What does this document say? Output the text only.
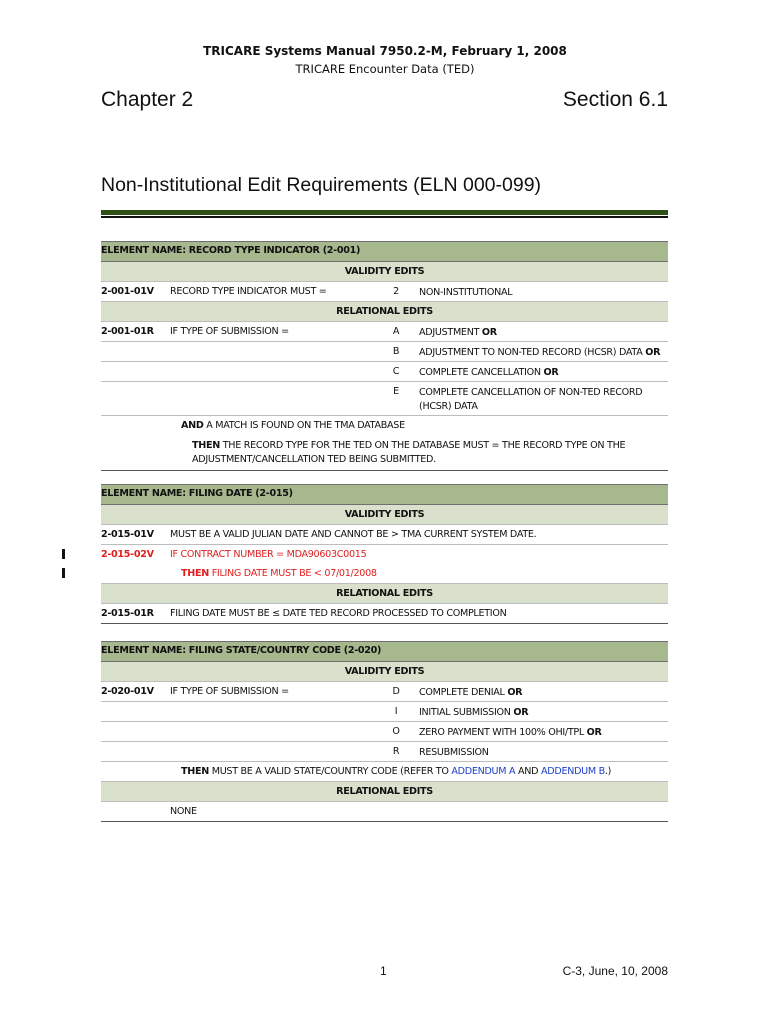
TRICARE Systems Manual 7950.2-M, February 1, 2008
TRICARE Encounter Data (TED)
Chapter 2	Section 6.1
Non-Institutional Edit Requirements (ELN 000-099)
ELEMENT NAME: RECORD TYPE INDICATOR (2-001)
VALIDITY EDITS
2-001-01V RECORD TYPE INDICATOR MUST =	2	NON-INSTITUTIONAL
RELATIONAL EDITS
2-001-01R IF TYPE OF SUBMISSION =	A	ADJUSTMENT OR
B	ADJUSTMENT TO NON-TED RECORD (HCSR) DATA OR
C	COMPLETE CANCELLATION OR
E	COMPLETE CANCELLATION OF NON-TED RECORD (HCSR) DATA
AND A MATCH IS FOUND ON THE TMA DATABASE
THEN THE RECORD TYPE FOR THE TED ON THE DATABASE MUST = THE RECORD TYPE ON THE ADJUSTMENT/CANCELLATION TED BEING SUBMITTED.
ELEMENT NAME: FILING DATE (2-015)
VALIDITY EDITS
2-015-01V MUST BE A VALID JULIAN DATE AND CANNOT BE > TMA CURRENT SYSTEM DATE.
2-015-02V IF CONTRACT NUMBER = MDA90603C0015
THEN FILING DATE MUST BE < 07/01/2008
RELATIONAL EDITS
2-015-01R FILING DATE MUST BE ≤ DATE TED RECORD PROCESSED TO COMPLETION
ELEMENT NAME: FILING STATE/COUNTRY CODE (2-020)
VALIDITY EDITS
2-020-01V IF TYPE OF SUBMISSION =	D	COMPLETE DENIAL OR
I	INITIAL SUBMISSION OR
O	ZERO PAYMENT WITH 100% OHI/TPL OR
R	RESUBMISSION
THEN MUST BE A VALID STATE/COUNTRY CODE (REFER TO ADDENDUM A AND ADDENDUM B.)
RELATIONAL EDITS
NONE
1	C-3, June, 10, 2008
